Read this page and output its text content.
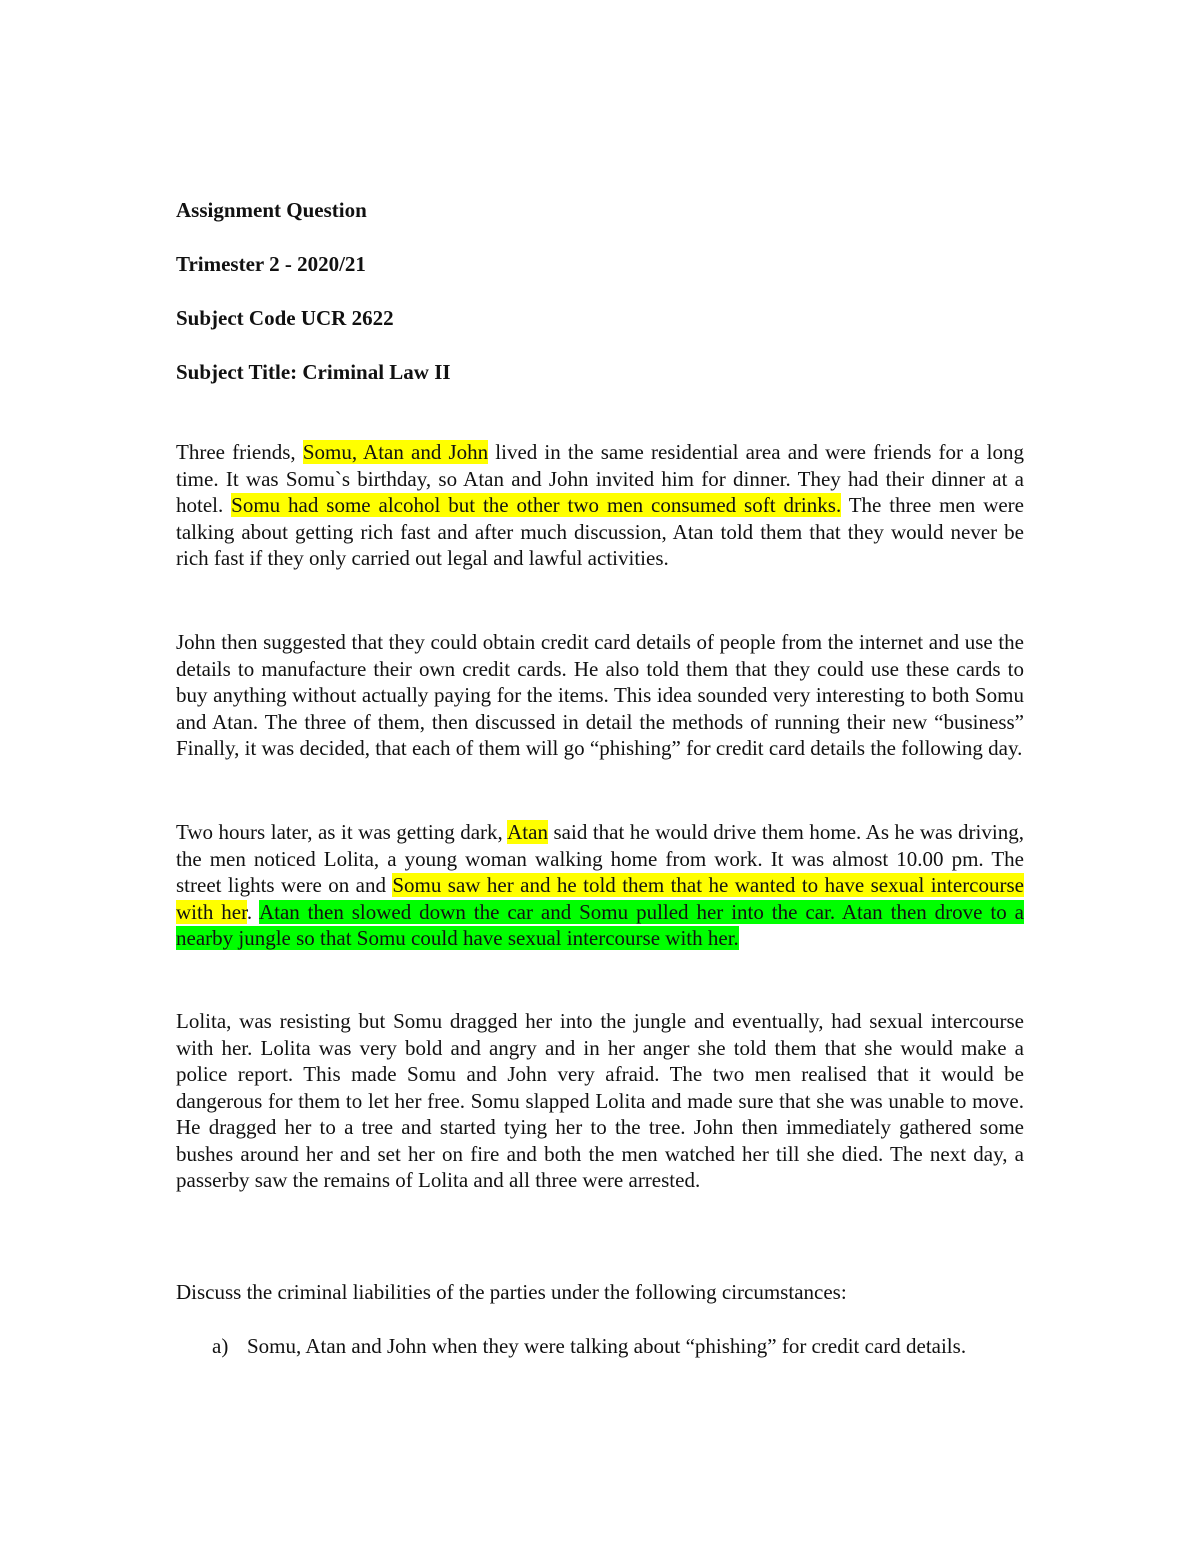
Assignment Question
Trimester 2 - 2020/21
Subject Code UCR 2622
Subject Title: Criminal Law II
Three friends, Somu, Atan and John lived in the same residential area and were friends for a long time. It was Somu`s birthday, so Atan and John invited him for dinner. They had their dinner at a hotel. Somu had some alcohol but the other two men consumed soft drinks. The three men were talking about getting rich fast and after much discussion, Atan told them that they would never be rich fast if they only carried out legal and lawful activities.
John then suggested that they could obtain credit card details of people from the internet and use the details to manufacture their own credit cards. He also told them that they could use these cards to buy anything without actually paying for the items. This idea sounded very interesting to both Somu and Atan. The three of them, then discussed in detail the methods of running their new “business” Finally, it was decided, that each of them will go “phishing” for credit card details the following day.
Two hours later, as it was getting dark, Atan said that he would drive them home. As he was driving, the men noticed Lolita, a young woman walking home from work. It was almost 10.00 pm. The street lights were on and Somu saw her and he told them that he wanted to have sexual intercourse with her. Atan then slowed down the car and Somu pulled her into the car. Atan then drove to a nearby jungle so that Somu could have sexual intercourse with her.
Lolita, was resisting but Somu dragged her into the jungle and eventually, had sexual intercourse with her. Lolita was very bold and angry and in her anger she told them that she would make a police report. This made Somu and John very afraid. The two men realised that it would be dangerous for them to let her free. Somu slapped Lolita and made sure that she was unable to move. He dragged her to a tree and started tying her to the tree. John then immediately gathered some bushes around her and set her on fire and both the men watched her till she died. The next day, a passerby saw the remains of Lolita and all three were arrested.
Discuss the criminal liabilities of the parties under the following circumstances:
a) Somu, Atan and John when they were talking about “phishing” for credit card details.
